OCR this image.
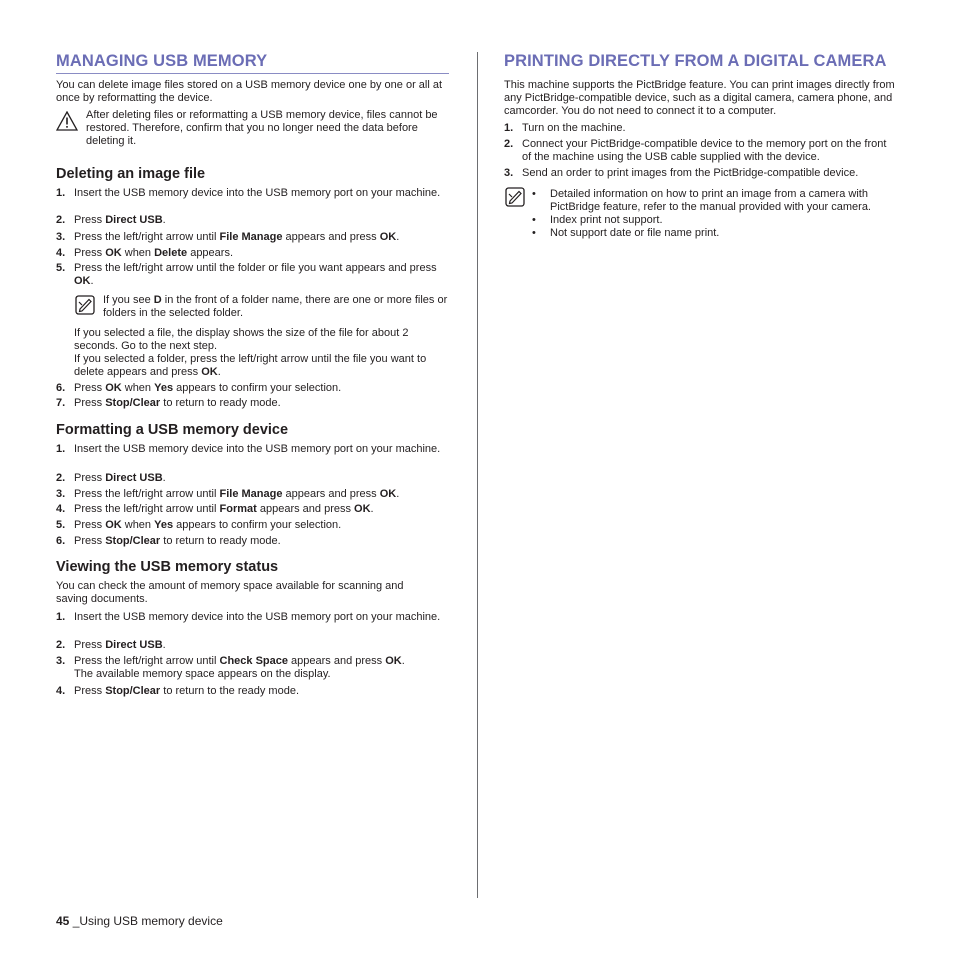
MANAGING USB MEMORY

You can delete image files stored on a USB memory device one by one or all at once by reformatting the device.

After deleting files or reformatting a USB memory device, files cannot be restored. Therefore, confirm that you no longer need the data before deleting it.

Deleting an image file
1. Insert the USB memory device into the USB memory port on your machine.
2. Press Direct USB.
3. Press the left/right arrow until File Manage appears and press OK.
4. Press OK when Delete appears.
5. Press the left/right arrow until the folder or file you want appears and press OK.

If you see D in the front of a folder name, there are one or more files or folders in the selected folder.

If you selected a file, the display shows the size of the file for about 2 seconds. Go to the next step.

If you selected a folder, press the left/right arrow until the file you want to delete appears and press OK.

6. Press OK when Yes appears to confirm your selection.
7. Press Stop/Clear to return to ready mode.
Formatting a USB memory device
1. Insert the USB memory device into the USB memory port on your machine.
2. Press Direct USB.
3. Press the left/right arrow until File Manage appears and press OK.
4. Press the left/right arrow until Format appears and press OK.
5. Press OK when Yes appears to confirm your selection.
6. Press Stop/Clear to return to ready mode.
Viewing the USB memory status

You can check the amount of memory space available for scanning and saving documents.

1. Insert the USB memory device into the USB memory port on your machine.
2. Press Direct USB.
3. Press the left/right arrow until Check Space appears and press OK.
The available memory space appears on the display.
4. Press Stop/Clear to return to the ready mode.
PRINTING DIRECTLY FROM A DIGITAL CAMERA

This machine supports the PictBridge feature. You can print images directly from any PictBridge-compatible device, such as a digital camera, camera phone, and camcorder. You do not need to connect it to a computer.

1. Turn on the machine.
2. Connect your PictBridge-compatible device to the memory port on the front of the machine using the USB cable supplied with the device.
3. Send an order to print images from the PictBridge-compatible device.
• Detailed information on how to print an image from a camera with PictBridge feature, refer to the manual provided with your camera.
• Index print not support.
• Not support date or file name print.
45 _Using USB memory device
